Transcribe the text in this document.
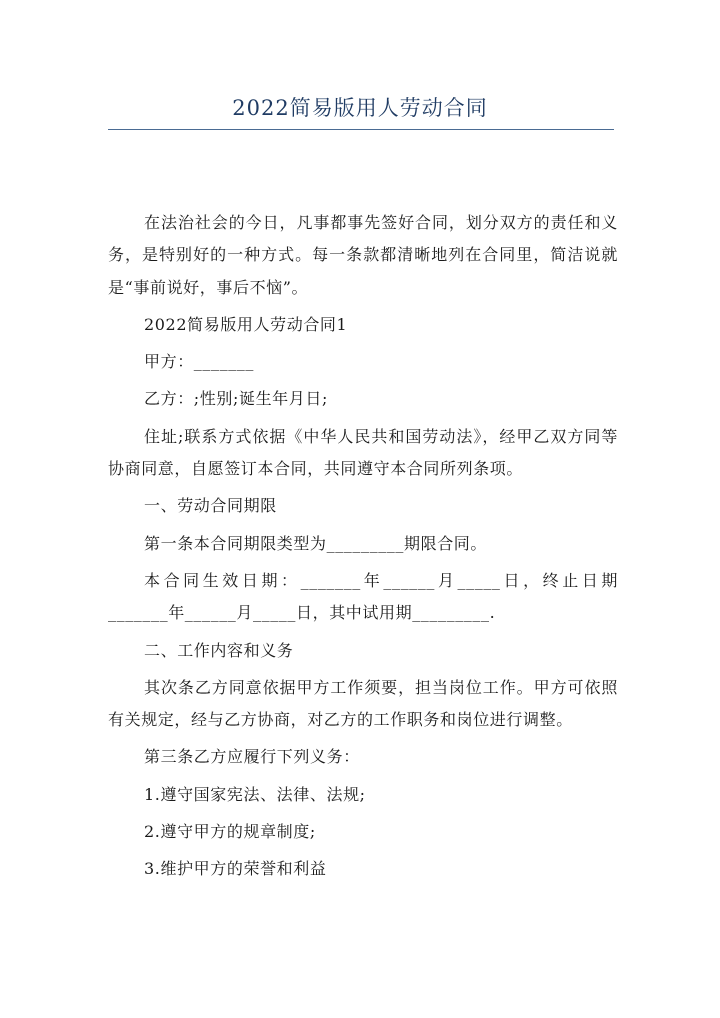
2022简易版用人劳动合同

在法治社会的今日，凡事都事先签好合同，划分双方的责任和义务，是特别好的一种方式。每一条款都清晰地列在合同里，简洁说就是“事前说好，事后不恼”。

2022简易版用人劳动合同1

甲方：_______

乙方：;性别;诞生年月日;

住址;联系方式依据《中华人民共和国劳动法》，经甲乙双方同等协商同意，自愿签订本合同，共同遵守本合同所列条项。

一、劳动合同期限

第一条本合同期限类型为_________期限合同。

本合同生效日期：_______年______月_____日，终止日期_______年______月_____日，其中试用期_________.

二、工作内容和义务

其次条乙方同意依据甲方工作须要，担当岗位工作。甲方可依照有关规定，经与乙方协商，对乙方的工作职务和岗位进行调整。

第三条乙方应履行下列义务：

1.遵守国家宪法、法律、法规;

2.遵守甲方的规章制度;

3.维护甲方的荣誉和利益
